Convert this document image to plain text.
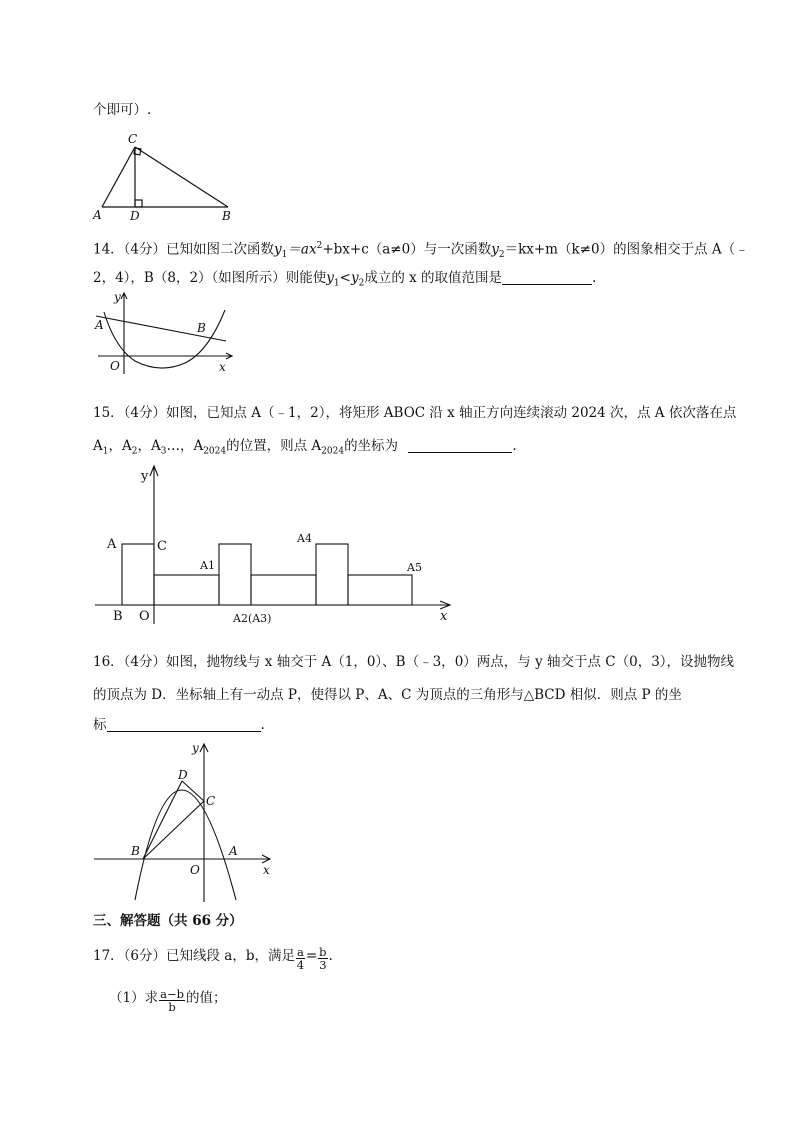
个即可）.
C
A D	B
14．（4分）已知如图二次函数$y_1=ax^2+bx+c(a\ne 0)$与一次函数$y_2=kx+m(k\ne 0)$的图象相交于点 A（﹣
2，4），B（8，2）（如图所示）则能使$y_1<y_2$成立的 x 的取值范围是	.
y
A	B
O	x
15．（4分）如图，已知点 A（﹣1，2），将矩形 ABOC 沿 x 轴正方向连续滚动 2024 次，点 A 依次落在点
$A_1$，$A_2$，$A_3\dots$，$A_{2024}$的位置，则点 $A_{2024}$的坐标为	.
y
A	C
B O
A1
A2(A3)
A4
A5
x
16．（4分）如图，抛物线与 x 轴交于 A（1，0）、B（﹣3，0）两点，与 y 轴交于点 C（0，3），设抛物线
的顶点为 D．坐标轴上有一动点 P，使得以 P、A、C 为顶点的三角形与△BCD 相似．则点 P 的坐
标	.
y
D
C
B	A
O	x
三、解答题（共 66 分）
17．（6分）已知线段 a，b，满足 $\frac{a}{4} = \frac{b}{3}$ .
（1）求 $\frac{a-b}{b}$ 的值；
